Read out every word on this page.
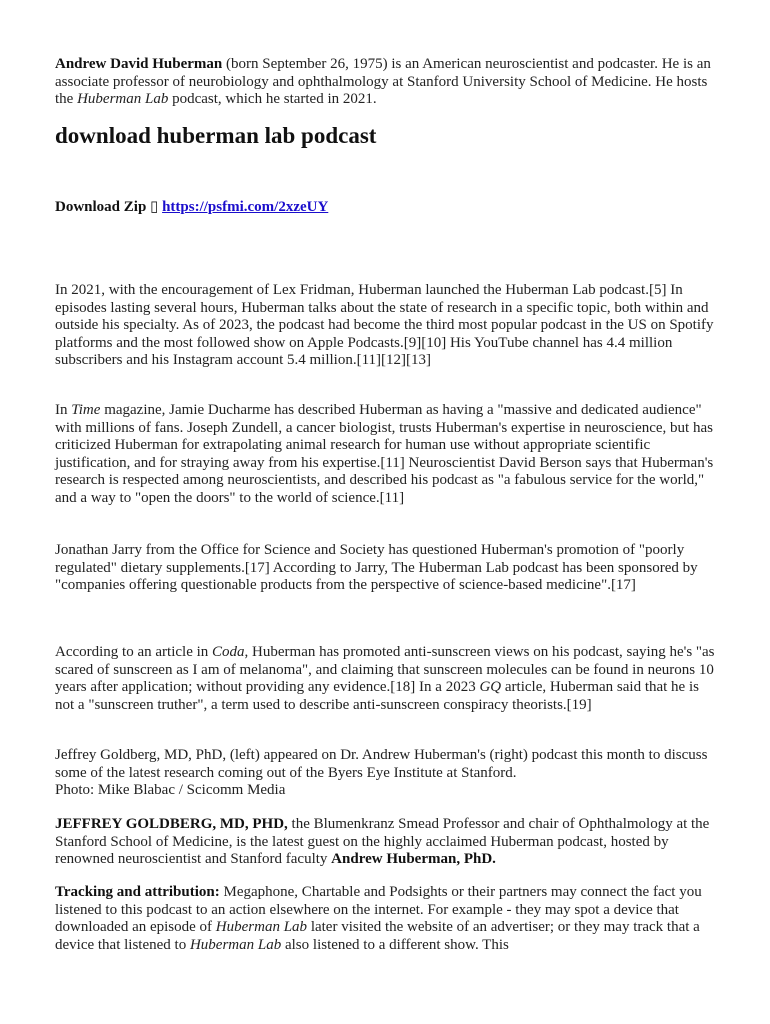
Andrew David Huberman (born September 26, 1975) is an American neuroscientist and podcaster. He is an associate professor of neurobiology and ophthalmology at Stanford University School of Medicine. He hosts the Huberman Lab podcast, which he started in 2021.

download huberman lab podcast

Download Zip ▯ https://psfmi.com/2xzeUY

In 2021, with the encouragement of Lex Fridman, Huberman launched the Huberman Lab podcast.[5] In episodes lasting several hours, Huberman talks about the state of research in a specific topic, both within and outside his specialty. As of 2023, the podcast had become the third most popular podcast in the US on Spotify platforms and the most followed show on Apple Podcasts.[9][10] His YouTube channel has 4.4 million subscribers and his Instagram account 5.4 million.[11][12][13]

In Time magazine, Jamie Ducharme has described Huberman as having a "massive and dedicated audience" with millions of fans. Joseph Zundell, a cancer biologist, trusts Huberman's expertise in neuroscience, but has criticized Huberman for extrapolating animal research for human use without appropriate scientific justification, and for straying away from his expertise.[11] Neuroscientist David Berson says that Huberman's research is respected among neuroscientists, and described his podcast as "a fabulous service for the world," and a way to "open the doors" to the world of science.[11]

Jonathan Jarry from the Office for Science and Society has questioned Huberman's promotion of "poorly regulated" dietary supplements.[17] According to Jarry, The Huberman Lab podcast has been sponsored by "companies offering questionable products from the perspective of science-based medicine".[17]

According to an article in Coda, Huberman has promoted anti-sunscreen views on his podcast, saying he's "as scared of sunscreen as I am of melanoma", and claiming that sunscreen molecules can be found in neurons 10 years after application; without providing any evidence.[18] In a 2023 GQ article, Huberman said that he is not a "sunscreen truther", a term used to describe anti-sunscreen conspiracy theorists.[19]

Jeffrey Goldberg, MD, PhD, (left) appeared on Dr. Andrew Huberman's (right) podcast this month to discuss some of the latest research coming out of the Byers Eye Institute at Stanford.
Photo: Mike Blabac / Scicomm Media

JEFFREY GOLDBERG, MD, PHD, the Blumenkranz Smead Professor and chair of Ophthalmology at the Stanford School of Medicine, is the latest guest on the highly acclaimed Huberman podcast, hosted by renowned neuroscientist and Stanford faculty Andrew Huberman, PhD.

Tracking and attribution: Megaphone, Chartable and Podsights or their partners may connect the fact you listened to this podcast to an action elsewhere on the internet. For example - they may spot a device that downloaded an episode of Huberman Lab later visited the website of an advertiser; or they may track that a device that listened to Huberman Lab also listened to a different show. This
